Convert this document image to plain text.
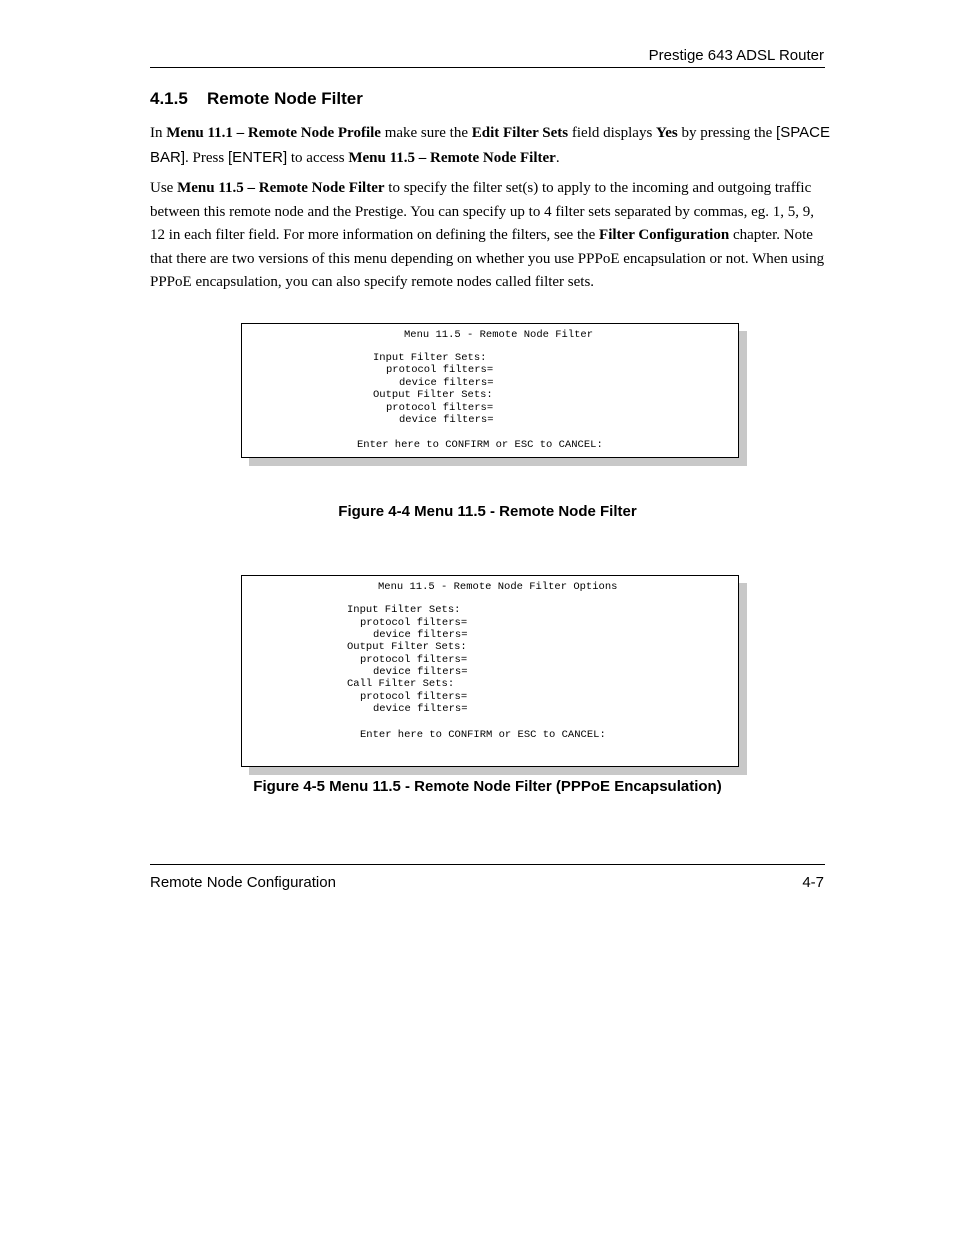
Prestige 643 ADSL Router
4.1.5 Remote Node Filter

In Menu 11.1 – Remote Node Profile make sure the Edit Filter Sets field displays Yes by pressing the [SPACE BAR]. Press [ENTER] to access Menu 11.5 – Remote Node Filter.

Use Menu 11.5 – Remote Node Filter to specify the filter set(s) to apply to the incoming and outgoing traffic between this remote node and the Prestige. You can specify up to 4 filter sets separated by commas, eg. 1, 5, 9, 12 in each filter field. For more information on defining the filters, see the Filter Configuration chapter. Note that there are two versions of this menu depending on whether you use PPPoE encapsulation or not. When using PPPoE encapsulation, you can also specify remote nodes called filter sets.

Menu 11.5 - Remote Node Filter

Input Filter Sets:

protocol filters=

device filters=

Output Filter Sets:

protocol filters=

device filters=

Enter here to CONFIRM or ESC to CANCEL:

Figure 4-4 Menu 11.5 - Remote Node Filter

Menu 11.5 - Remote Node Filter Options

Input Filter Sets:

protocol filters=

device filters=

Output Filter Sets:

protocol filters=

device filters=

Call Filter Sets:

protocol filters=

device filters=

Enter here to CONFIRM or ESC to CANCEL:

Figure 4-5 Menu 11.5 - Remote Node Filter (PPPoE Encapsulation)
Remote Node Configuration	4-7
